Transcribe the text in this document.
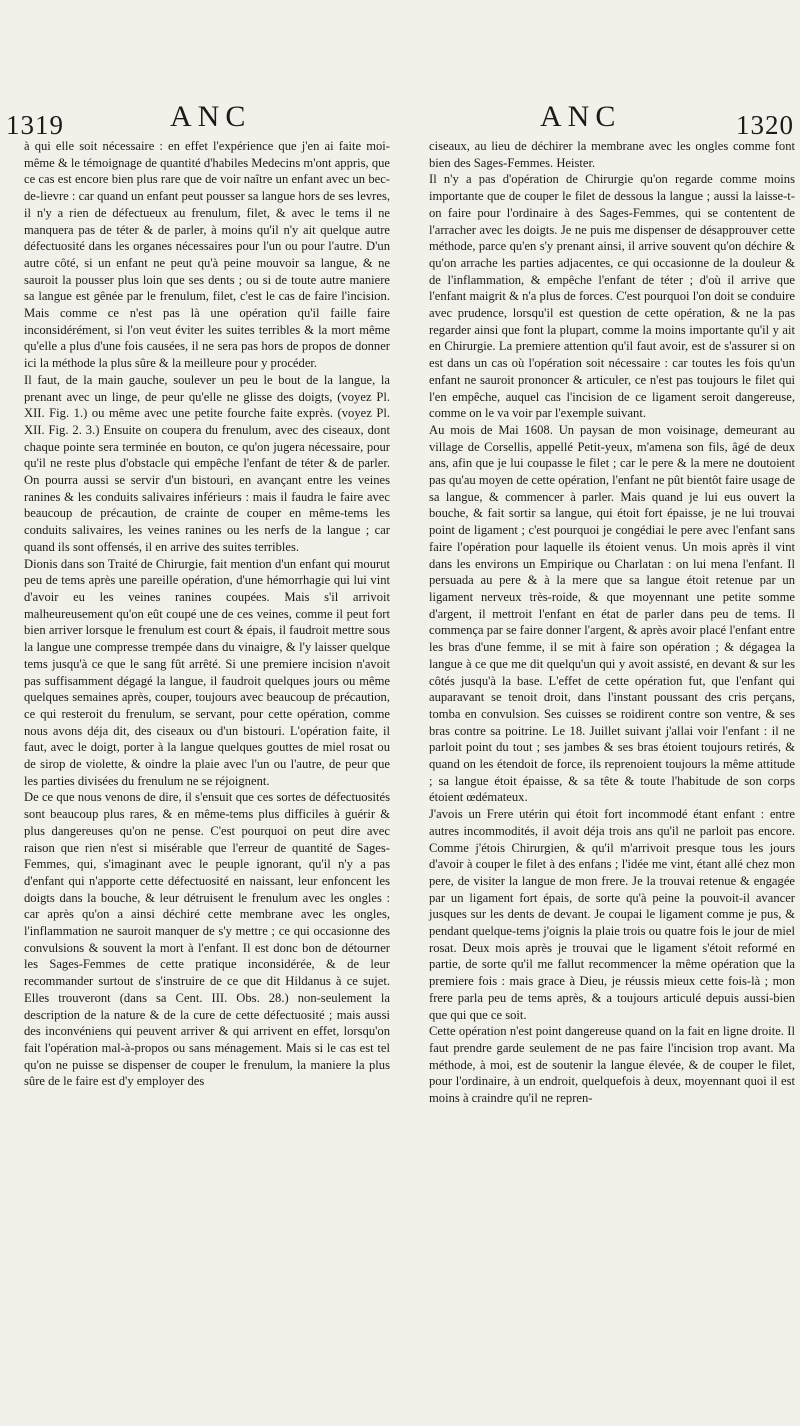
1319	ANC	ANC	1320

à qui elle soit nécessaire : en effet l'expérience que j'en ai faite moi-même & le témoignage de quantité d'habiles Medecins m'ont appris, que ce cas est encore bien plus rare que de voir naître un enfant avec un bec-de-lievre : car quand un enfant peut pousser sa langue hors de ses levres, il n'y a rien de défectueux au frenulum, filet, & avec le tems il ne manquera pas de téter & de parler, à moins qu'il n'y ait quelque autre défectuosité dans les organes nécessaires pour l'un ou pour l'autre. D'un autre côté, si un enfant ne peut qu'à peine mouvoir sa langue, & ne sauroit la pousser plus loin que ses dents ; ou si de toute autre maniere sa langue est gênée par le frenulum, filet, c'est le cas de faire l'incision. Mais comme ce n'est pas là une opération qu'il faille faire inconsidérément, si l'on veut éviter les suites terribles & la mort même qu'elle a plus d'une fois causées, il ne sera pas hors de propos de donner ici la méthode la plus sûre & la meilleure pour y procéder.

Il faut, de la main gauche, soulever un peu le bout de la langue, la prenant avec un linge, de peur qu'elle ne glisse des doigts, (voyez Pl. XII. Fig. 1.) ou même avec une petite fourche faite exprès. (voyez Pl. XII. Fig. 2. 3.) Ensuite on coupera du frenulum, avec des ciseaux, dont chaque pointe sera terminée en bouton, ce qu'on jugera nécessaire, pour qu'il ne reste plus d'obstacle qui empêche l'enfant de téter & de parler. On pourra aussi se servir d'un bistouri, en avançant entre les veines ranines & les conduits salivaires inférieurs : mais il faudra le faire avec beaucoup de précaution, de crainte de couper en même-tems les conduits salivaires, les veines ranines ou les nerfs de la langue ; car quand ils sont offensés, il en arrive des suites terribles.

Dionis dans son Traité de Chirurgie, fait mention d'un enfant qui mourut peu de tems après une pareille opération, d'une hémorrhagie qui lui vint d'avoir eu les veines ranines coupées. Mais s'il arrivoit malheureusement qu'on eût coupé une de ces veines, comme il peut fort bien arriver lorsque le frenulum est court & épais, il faudroit mettre sous la langue une compresse trempée dans du vinaigre, & l'y laisser quelque tems jusqu'à ce que le sang fût arrêté. Si une premiere incision n'avoit pas suffisamment dégagé la langue, il faudroit quelques jours ou même quelques semaines après, couper, toujours avec beaucoup de précaution, ce qui resteroit du frenulum, se servant, pour cette opération, comme nous avons déja dit, des ciseaux ou d'un bistouri. L'opération faite, il faut, avec le doigt, porter à la langue quelques gouttes de miel rosat ou de sirop de violette, & oindre la plaie avec l'un ou l'autre, de peur que les parties divisées du frenulum ne se réjoignent.

De ce que nous venons de dire, il s'ensuit que ces sortes de défectuosités sont beaucoup plus rares, & en même-tems plus difficiles à guérir & plus dangereuses qu'on ne pense. C'est pourquoi on peut dire avec raison que rien n'est si misérable que l'erreur de quantité de Sages-Femmes, qui, s'imaginant avec le peuple ignorant, qu'il n'y a pas d'enfant qui n'apporte cette défectuosité en naissant, leur enfoncent les doigts dans la bouche, & leur détruisent le frenulum avec les ongles : car après qu'on a ainsi déchiré cette membrane avec les ongles, l'inflammation ne sauroit manquer de s'y mettre ; ce qui occasionne des convulsions & souvent la mort à l'enfant. Il est donc bon de détourner les Sages-Femmes de cette pratique inconsidérée, & de leur recommander surtout de s'instruire de ce que dit Hildanus à ce sujet. Elles trouveront (dans sa Cent. III. Obs. 28.) non-seulement la description de la nature & de la cure de cette défectuosité ; mais aussi des inconvéniens qui peuvent arriver & qui arrivent en effet, lorsqu'on fait l'opération mal-à-propos ou sans ménagement. Mais si le cas est tel qu'on ne puisse se dispenser de couper le frenulum, la maniere la plus sûre de le faire est d'y employer des

ciseaux, au lieu de déchirer la membrane avec les ongles comme font bien des Sages-Femmes. Heister.

Il n'y a pas d'opération de Chirurgie qu'on regarde comme moins importante que de couper le filet de dessous la langue ; aussi la laisse-t-on faire pour l'ordinaire à des Sages-Femmes, qui se contentent de l'arracher avec les doigts. Je ne puis me dispenser de désapprouver cette méthode, parce qu'en s'y prenant ainsi, il arrive souvent qu'on déchire & qu'on arrache les parties adjacentes, ce qui occasionne de la douleur & de l'inflammation, & empêche l'enfant de téter ; d'où il arrive que l'enfant maigrit & n'a plus de forces. C'est pourquoi l'on doit se conduire avec prudence, lorsqu'il est question de cette opération, & ne la pas regarder ainsi que font la plupart, comme la moins importante qu'il y ait en Chirurgie. La premiere attention qu'il faut avoir, est de s'assurer si on est dans un cas où l'opération soit nécessaire : car toutes les fois qu'un enfant ne sauroit prononcer & articuler, ce n'est pas toujours le filet qui l'en empêche, auquel cas l'incision de ce ligament seroit dangereuse, comme on le va voir par l'exemple suivant.

Au mois de Mai 1608. Un paysan de mon voisinage, demeurant au village de Corsellis, appellé Petit-yeux, m'amena son fils, âgé de deux ans, afin que je lui coupasse le filet ; car le pere & la mere ne doutoient pas qu'au moyen de cette opération, l'enfant ne pût bientôt faire usage de sa langue, & commencer à parler. Mais quand je lui eus ouvert la bouche, & fait sortir sa langue, qui étoit fort épaisse, je ne lui trouvai point de ligament ; c'est pourquoi je congédiai le pere avec l'enfant sans faire l'opération pour laquelle ils étoient venus. Un mois après il vint dans les environs un Empirique ou Charlatan : on lui mena l'enfant. Il persuada au pere & à la mere que sa langue étoit retenue par un ligament nerveux très-roide, & que moyennant une petite somme d'argent, il mettroit l'enfant en état de parler dans peu de tems. Il commença par se faire donner l'argent, & après avoir placé l'enfant entre les bras d'une femme, il se mit à faire son opération ; & dégagea la langue à ce que me dit quelqu'un qui y avoit assisté, en devant & sur les côtés jusqu'à la base. L'effet de cette opération fut, que l'enfant qui auparavant se tenoit droit, dans l'instant poussant des cris perçans, tomba en convulsion. Ses cuisses se roidirent contre son ventre, & ses bras contre sa poitrine. Le 18. Juillet suivant j'allai voir l'enfant : il ne parloit point du tout ; ses jambes & ses bras étoient toujours retirés, & quand on les étendoit de force, ils reprenoient toujours la même attitude ; sa langue étoit épaisse, & sa tête & toute l'habitude de son corps étoient œdémateux.

J'avois un Frere utérin qui étoit fort incommodé étant enfant : entre autres incommodités, il avoit déja trois ans qu'il ne parloit pas encore. Comme j'étois Chirurgien, & qu'il m'arrivoit presque tous les jours d'avoir à couper le filet à des enfans ; l'idée me vint, étant allé chez mon pere, de visiter la langue de mon frere. Je la trouvai retenue & engagée par un ligament fort épais, de sorte qu'à peine la pouvoit-il avancer jusques sur les dents de devant. Je coupai le ligament comme je pus, & pendant quelque-tems j'oignis la plaie trois ou quatre fois le jour de miel rosat. Deux mois après je trouvai que le ligament s'étoit reformé en partie, de sorte qu'il me fallut recommencer la même opération que la premiere fois : mais grace à Dieu, je réussis mieux cette fois-là ; mon frere parla peu de tems après, & a toujours articulé depuis aussi-bien que qui que ce soit.

Cette opération n'est point dangereuse quand on la fait en ligne droite. Il faut prendre garde seulement de ne pas faire l'incision trop avant. Ma méthode, à moi, est de soutenir la langue élevée, & de couper le filet, pour l'ordinaire, à un endroit, quelquefois à deux, moyennant quoi il est moins à craindre qu'il ne repren-
